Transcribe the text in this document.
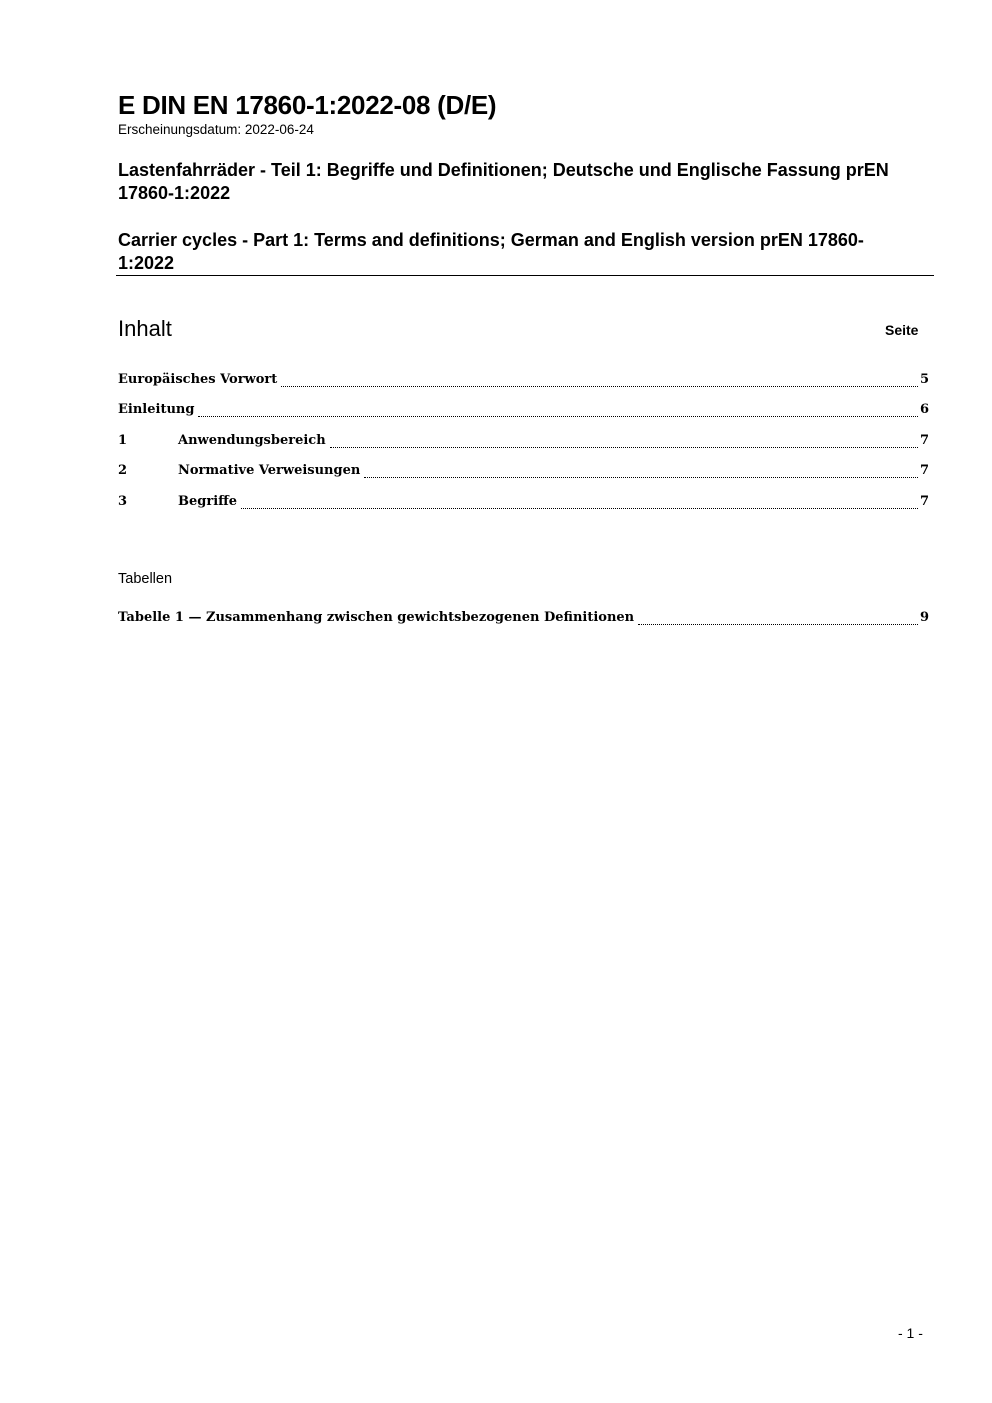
E DIN EN 17860-1:2022-08 (D/E)
Erscheinungsdatum: 2022-06-24
Lastenfahrräder - Teil 1: Begriffe und Definitionen; Deutsche und Englische Fassung prEN 17860-1:2022
Carrier cycles - Part 1: Terms and definitions; German and English version prEN 17860-1:2022
Inhalt	Seite
Europäisches Vorwort	5
Einleitung	6
1	Anwendungsbereich	7
2	Normative Verweisungen	7
3	Begriffe	7
Tabellen
Tabelle 1 — Zusammenhang zwischen gewichtsbezogenen Definitionen	9
- 1 -
